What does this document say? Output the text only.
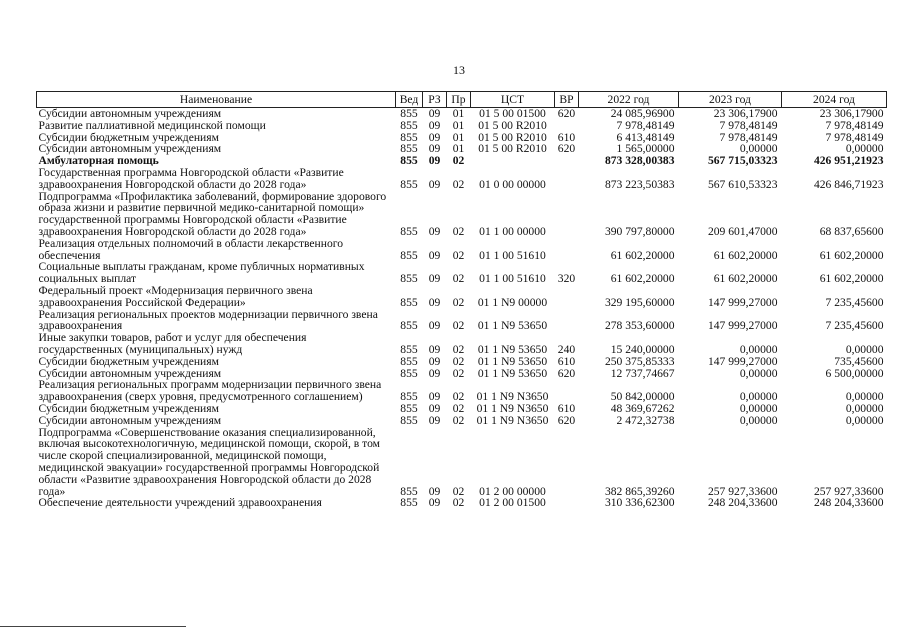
13
Наименование	Вед	РЗ	Пр	ЦСТ	ВР	2022 год	2023 год	2024 год
Субсидии автономным учреждениям	855	09	01	01 5 00 01500	620	24 085,96900	23 306,17900	23 306,17900
Развитие паллиативной медицинской помощи	855	09	01	01 5 00 R2010		7 978,48149	7 978,48149	7 978,48149
Субсидии бюджетным учреждениям	855	09	01	01 5 00 R2010	610	6 413,48149	7 978,48149	7 978,48149
Субсидии автономным учреждениям	855	09	01	01 5 00 R2010	620	1 565,00000	0,00000	0,00000
Амбулаторная помощь	855	09	02			873 328,00383	567 715,03323	426 951,21923
Государственная программа Новгородской области «Развитие здравоохранения Новгородской области до 2028 года»	855	09	02	01 0 00 00000		873 223,50383	567 610,53323	426 846,71923
Подпрограмма «Профилактика заболеваний, формирование здорового образа жизни и развитие первичной медико-санитарной помощи» государственной программы Новгородской области «Развитие здравоохранения Новгородской области до 2028 года»	855	09	02	01 1 00 00000		390 797,80000	209 601,47000	68 837,65600
Реализация отдельных полномочий в области лекарственного обеспечения	855	09	02	01 1 00 51610		61 602,20000	61 602,20000	61 602,20000
Социальные выплаты гражданам, кроме публичных нормативных социальных выплат	855	09	02	01 1 00 51610	320	61 602,20000	61 602,20000	61 602,20000
Федеральный проект «Модернизация первичного звена здравоохранения Российской Федерации»	855	09	02	01 1 N9 00000		329 195,60000	147 999,27000	7 235,45600
Реализация региональных проектов модернизации первичного звена здравоохранения	855	09	02	01 1 N9 53650		278 353,60000	147 999,27000	7 235,45600
Иные закупки товаров, работ и услуг для обеспечения государственных (муниципальных) нужд	855	09	02	01 1 N9 53650	240	15 240,00000	0,00000	0,00000
Субсидии бюджетным учреждениям	855	09	02	01 1 N9 53650	610	250 375,85333	147 999,27000	735,45600
Субсидии автономным учреждениям	855	09	02	01 1 N9 53650	620	12 737,74667	0,00000	6 500,00000
Реализация региональных программ модернизации первичного звена здравоохранения (сверх уровня, предусмотренного соглашением)	855	09	02	01 1 N9 N3650		50 842,00000	0,00000	0,00000
Субсидии бюджетным учреждениям	855	09	02	01 1 N9 N3650	610	48 369,67262	0,00000	0,00000
Субсидии автономным учреждениям	855	09	02	01 1 N9 N3650	620	2 472,32738	0,00000	0,00000
Подпрограмма «Совершенствование оказания специализированной, включая высокотехнологичную, медицинской помощи, скорой, в том числе скорой специализированной, медицинской помощи, медицинской эвакуации» государственной программы Новгородской области «Развитие здравоохранения Новгородской области до 2028 года»	855	09	02	01 2 00 00000		382 865,39260	257 927,33600	257 927,33600
Обеспечение деятельности учреждений здравоохранения	855	09	02	01 2 00 01500		310 336,62300	248 204,33600	248 204,33600
